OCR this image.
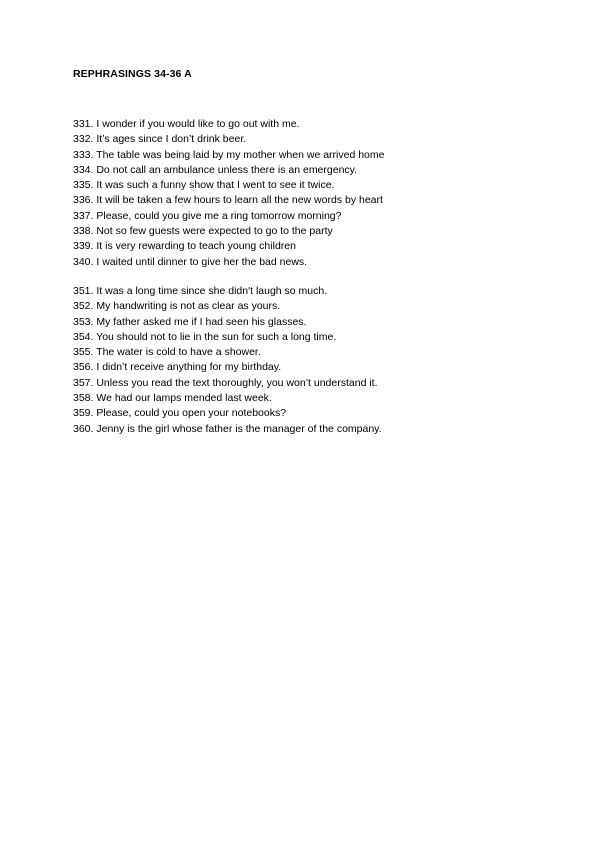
REPHRASINGS 34-36 A
331. I wonder if you would like to go out with me.
332. It’s ages since I don’t drink beer.
333. The table was being laid by my mother when we arrived home
334. Do not call an ambulance unless there is an emergency.
335. It was such a funny show that I went to see it twice.
336. It will be taken a few hours to learn all the new words by heart
337. Please, could you give me a ring tomorrow morning?
338. Not so few guests were expected to go to the party
339. It is very rewarding to teach young children
340. I waited until dinner to give her the bad news.
351. It was a long time since she didn't laugh so much.
352. My handwriting is not as clear as yours.
353. My father asked me if I had seen his glasses.
354. You should not to lie in the sun for such a long time.
355. The water is cold to have a shower.
356. I didn’t receive anything for my birthday.
357. Unless you read the text thoroughly, you won’t understand it.
358. We had our lamps mended last week.
359. Please, could you open your notebooks?
360. Jenny is the girl whose father is the manager of the company.
